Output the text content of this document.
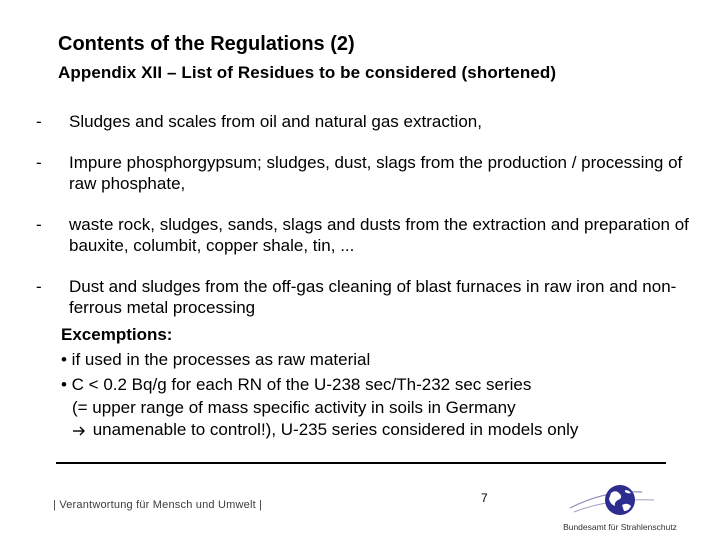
Contents of the Regulations (2)
Appendix XII – List of Residues to be considered (shortened)
- Sludges and scales from oil and natural gas extraction,
- Impure phosphorgypsum; sludges, dust, slags from the production / processing of raw phosphate,
- waste rock, sludges, sands, slags and dusts from the extraction and preparation of bauxite, columbit, copper shale, tin, ...
- Dust and sludges from the off-gas cleaning of blast furnaces in raw iron and non- ferrous metal processing
Excemptions:
• if used in the processes as raw material
• C < 0.2 Bq/g for each RN of the U-238 sec/Th-232 sec series
(= upper range of mass specific activity in soils in Germany
unamenable to control!), U-235 series considered in models only
7
| Verantwortung für Mensch und Umwelt |
Bundesamt für Strahlenschutz
